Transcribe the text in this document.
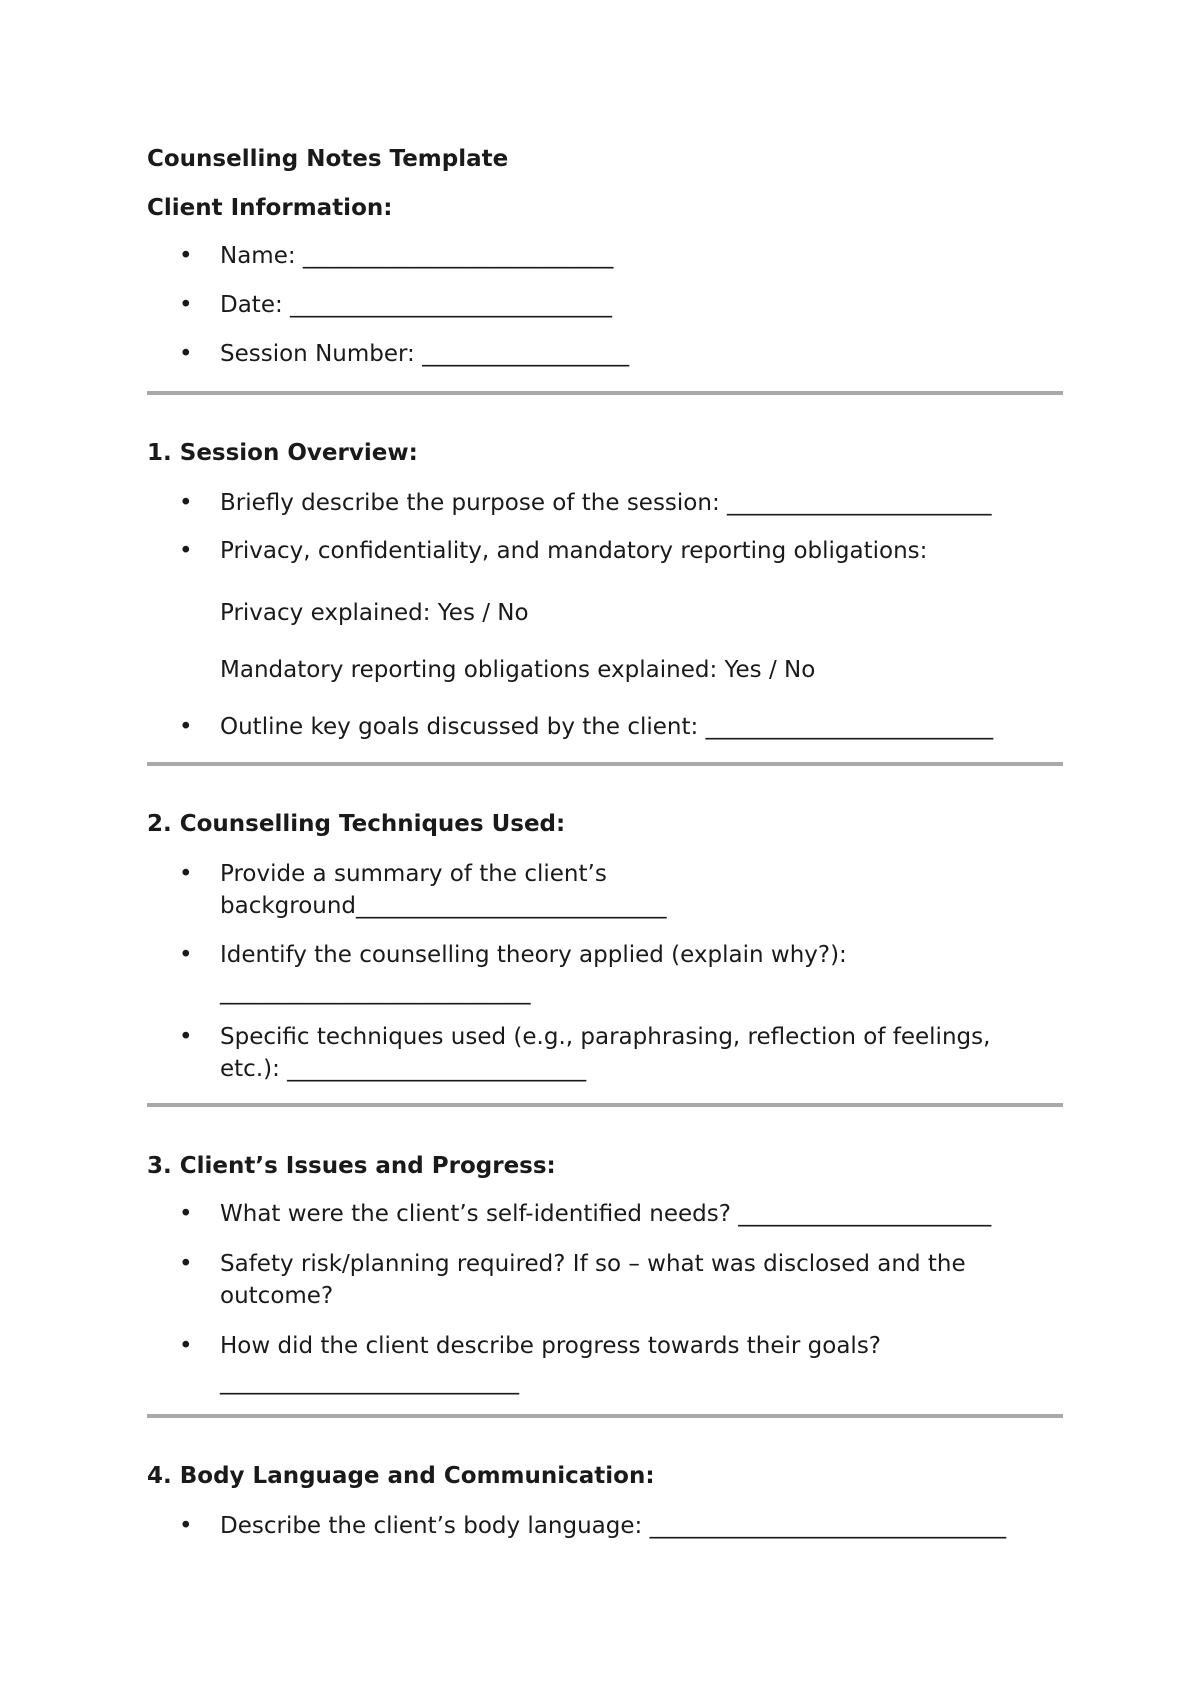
Counselling Notes Template
Client Information:
• Name: ___________________________
• Date: ____________________________
• Session Number: __________________
1. Session Overview:
• Briefly describe the purpose of the session: _______________________
• Privacy, confidentiality, and mandatory reporting obligations:
Privacy explained: Yes / No
Mandatory reporting obligations explained: Yes / No
• Outline key goals discussed by the client: _________________________
2. Counselling Techniques Used:
• Provide a summary of the client’s
background___________________________
• Identify the counselling theory applied (explain why?):
___________________________
• Specific techniques used (e.g., paraphrasing, reflection of feelings,
etc.): __________________________
3. Client’s Issues and Progress:
• What were the client’s self-identified needs? ______________________
• Safety risk/planning required? If so – what was disclosed and the
outcome?
• How did the client describe progress towards their goals?
__________________________
4. Body Language and Communication:
• Describe the client’s body language: _______________________________
